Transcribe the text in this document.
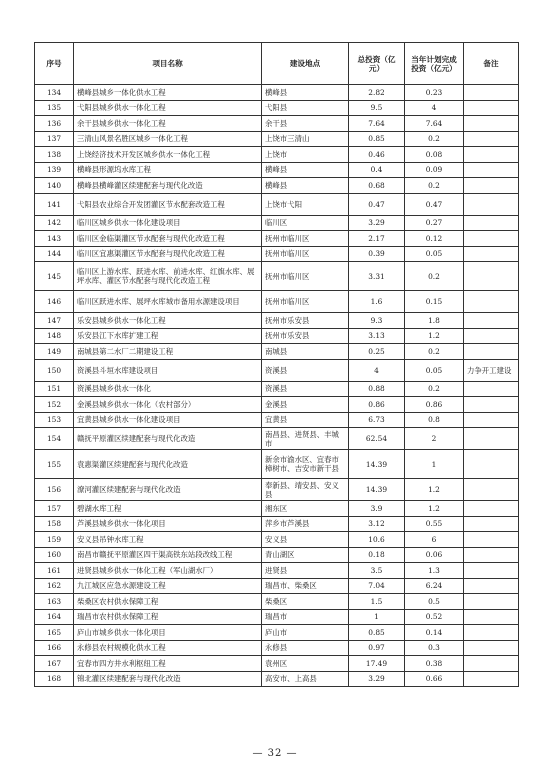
序号	项目名称	建设地点	总投资（亿元）	当年计划完成投资（亿元）	备注
134	横峰县城乡一体化供水工程	横峰县	2.82	0.23	
135	弋阳县城乡供水一体化工程	弋阳县	9.5	4	
136	余干县城乡供水一体化工程	余干县	7.64	7.64	
137	三清山风景名胜区城乡一体化工程	上饶市三清山	0.85	0.2	
138	上饶经济技术开发区城乡供水一体化工程	上饶市	0.46	0.08	
139	横峰县形源坞水库工程	横峰县	0.4	0.09	
140	横峰县横峰灌区续建配套与现代化改造	横峰县	0.68	0.2	
141	弋阳县农业综合开发团灌区节水配套改造工程	上饶市弋阳	0.47	0.47	
142	临川区城乡供水一体化建设项目	临川区	3.29	0.27	
143	临川区金临渠灌区节水配套与现代化改造工程	抚州市临川区	2.17	0.12	
144	临川区宜惠渠灌区节水配套与现代化改造工程	抚州市临川区	0.39	0.05	
145	临川区上游水库、跃进水库、前进水库、红旗水库、展坪水库、灌区节水配套与现代化改造工程	抚州市临川区	3.31	0.2	
146	临川区跃进水库、展坪水库城市备用水源建设项目	抚州市临川区	1.6	0.15	
147	乐安县城乡供水一体化工程	抚州市乐安县	9.3	1.8	
148	乐安县江下水库扩建工程	抚州市乐安县	3.13	1.2	
149	南城县第二水厂二期建设工程	南城县	0.25	0.2	
150	资溪县斗垣水库建设项目	资溪县	4	0.05	力争开工建设
151	资溪县城乡供水一体化	资溪县	0.88	0.2	
152	金溪县城乡供水一体化（农村部分）	金溪县	0.86	0.86	
153	宜黄县城乡供水一体化建设项目	宜黄县	6.73	0.8	
154	赣抚平原灌区续建配套与现代化改造	南昌县、进贤县、丰城市	62.54	2	
155	袁惠渠灌区续建配套与现代化改造	新余市渝水区、宜春市樟树市、吉安市新干县	14.39	1	
156	潦河灌区续建配套与现代化改造	奉新县、靖安县、安义县	14.39	1.2	
157	碧湖水库工程	湘东区	3.9	1.2	
158	芦溪县城乡供水一体化项目	萍乡市芦溪县	3.12	0.55	
159	安义县吊钟水库工程	安义县	10.6	6	
160	南昌市赣抚平原灌区四干渠高铁东站段改线工程	青山湖区	0.18	0.06	
161	进贤县城乡供水一体化工程（军山湖水厂）	进贤县	3.5	1.3	
162	九江城区应急水源建设工程	瑞昌市、柴桑区	7.04	6.24	
163	柴桑区农村供水保障工程	柴桑区	1.5	0.5	
164	瑞昌市农村供水保障工程	瑞昌市	1	0.52	
165	庐山市城乡供水一体化项目	庐山市	0.85	0.14	
166	永修县农村规模化供水工程	永修县	0.97	0.3	
167	宜春市四方井水利枢纽工程	袁州区	17.49	0.38	
168	锦北灌区续建配套与现代化改造	高安市、上高县	3.29	0.66	
— 32 —
